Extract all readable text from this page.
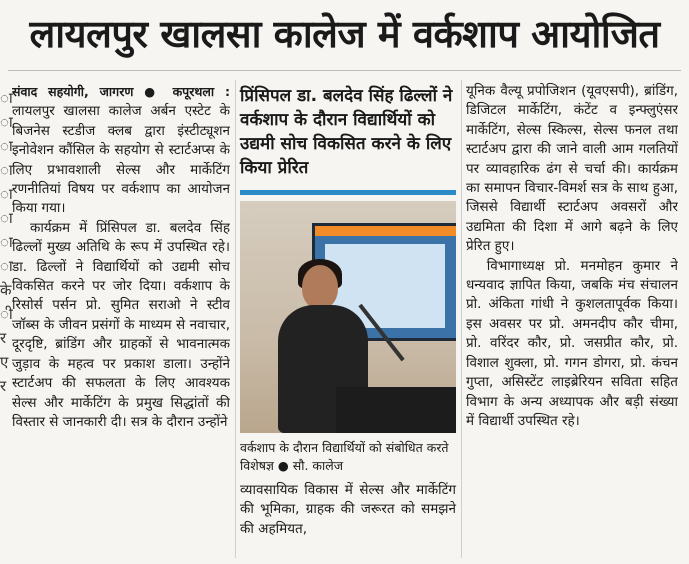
लायलपुर खालसा कालेज में वर्कशाप आयोजित
ा
ा
ा
ा
ा
ा
ा
ा
के
ी
र
ए
र

संवाद सहयोगी, जागरण ● कपूरथला : लायलपुर खालसा कालेज अर्बन एस्टेट के बिजनेस स्टडीज क्लब द्वारा इंस्टीट्यूशन इनोवेशन कौंसिल के सहयोग से स्टार्टअप्स के लिए प्रभावशाली सेल्स और मार्केटिंग रणनीतियां विषय पर वर्कशाप का आयोजन किया गया।

कार्यक्रम में प्रिंसिपल डा. बलदेव सिंह ढिल्लों मुख्य अतिथि के रूप में उपस्थित रहे। डा. ढिल्लों ने विद्यार्थियों को उद्यमी सोच विकसित करने पर जोर दिया। वर्कशाप के रिसोर्स पर्सन प्रो. सुमित सराओ ने स्टीव जॉब्स के जीवन प्रसंगों के माध्यम से नवाचार, दूरदृष्टि, ब्रांडिंग और ग्राहकों से भावनात्मक जुड़ाव के महत्व पर प्रकाश डाला। उन्होंने स्टार्टअप की सफलता के लिए आवश्यक सेल्स और मार्केटिंग के प्रमुख सिद्धांतों की विस्तार से जानकारी दी। सत्र के दौरान उन्होंने

प्रिंसिपल डा. बलदेव सिंह ढिल्लों ने वर्कशाप के दौरान विद्यार्थियों को उद्यमी सोच विकसित करने के लिए किया प्रेरित
वर्कशाप के दौरान विद्यार्थियों को संबोधित करते विशेषज्ञ ● सौ. कालेज
व्यावसायिक विकास में सेल्स और मार्केटिंग की भूमिका, ग्राहक की जरूरत को समझने की अहमियत,

यूनिक वैल्यू प्रपोजिशन (यूवएसपी), ब्रांडिंग, डिजिटल मार्केटिंग, कंटेंट व इन्फ्लुएंसर मार्केटिंग, सेल्स स्किल्स, सेल्स फनल तथा स्टार्टअप द्वारा की जाने वाली आम गलतियों पर व्यावहारिक ढंग से चर्चा की। कार्यक्रम का समापन विचार-विमर्श सत्र के साथ हुआ, जिससे विद्यार्थी स्टार्टअप अवसरों और उद्यमिता की दिशा में आगे बढ़ने के लिए प्रेरित हुए।

विभागाध्यक्ष प्रो. मनमोहन कुमार ने धन्यवाद ज्ञापित किया, जबकि मंच संचालन प्रो. अंकिता गांधी ने कुशलतापूर्वक किया। इस अवसर पर प्रो. अमनदीप कौर चीमा, प्रो. वरिंदर कौर, प्रो. जसप्रीत कौर, प्रो. विशाल शुक्ला, प्रो. गगन डोगरा, प्रो. कंचन गुप्ता, असिस्टेंट लाइब्रेरियन सविता सहित विभाग के अन्य अध्यापक और बड़ी संख्या में विद्यार्थी उपस्थित रहे।
